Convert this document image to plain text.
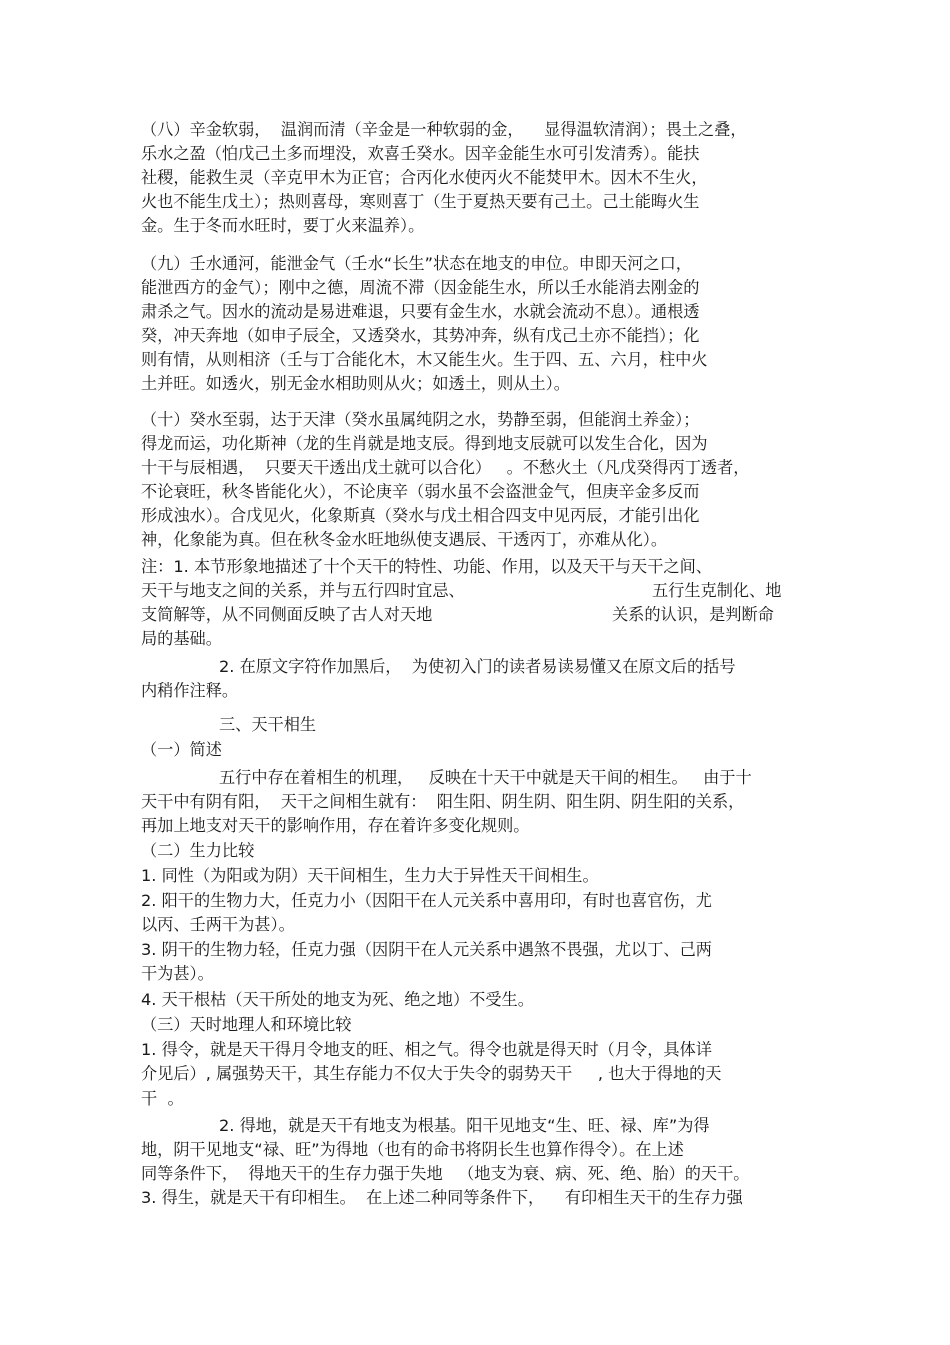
（八）辛金软弱，  温润而清（辛金是一种软弱的金，    显得温软清润）；畏土之叠，
乐水之盈（怕戊己土多而埋没，欢喜壬癸水。因辛金能生水可引发清秀）。能扶
社稷，能救生灵（辛克甲木为正官；合丙化水使丙火不能焚甲木。因木不生火，
火也不能生戊土）；热则喜母，寒则喜丁（生于夏热天要有己土。己土能晦火生
金。生于冬而水旺时，要丁火来温养）。
（九）壬水通河，能泄金气（壬水“长生”状态在地支的申位。申即天河之口，
能泄西方的金气）；刚中之德，周流不滞（因金能生水，所以壬水能消去刚金的
肃杀之气。因水的流动是易进难退，只要有金生水，水就会流动不息）。通根透
癸，冲天奔地（如申子辰全，又透癸水，其势冲奔，纵有戊己土亦不能挡）；化
则有情，从则相济（壬与丁合能化木，木又能生火。生于四、五、六月，柱中火
土并旺。如透火，别无金水相助则从火；如透土，则从土）。
（十）癸水至弱，达于天津（癸水虽属纯阴之水，势静至弱，但能润土养金）；
得龙而运，功化斯神（龙的生肖就是地支辰。得到地支辰就可以发生合化，因为
十干与辰相遇，  只要天干透出戊土就可以合化）   。不愁火土（凡戊癸得丙丁透者，
不论衰旺，秋冬皆能化火），不论庚辛（弱水虽不会盗泄金气，但庚辛金多反而
形成浊水）。合戊见火，化象斯真（癸水与戊土相合四支中见丙辰，才能引出化
神，化象能为真。但在秋冬金水旺地纵使支遇辰、干透丙丁，亦难从化）。
注：1. 本节形象地描述了十个天干的特性、功能、作用，以及天干与天干之间、
天干与地支之间的关系，并与五行四时宜忌、	五行生克制化、地
支简解等，从不同侧面反映了古人对天地	关系的认识，是判断命
局的基础。
2. 在原文字符作加黑后，  为使初入门的读者易读易懂又在原文后的括号
内稍作注释。
三、天干相生
（一）简述
五行中存在着相生的机理，   反映在十天干中就是天干间的相生。   由于十
天干中有阴有阳，  天干之间相生就有：  阳生阳、阴生阴、阳生阴、阴生阳的关系，
再加上地支对天干的影响作用，存在着许多变化规则。
（二）生力比较
1. 同性（为阳或为阴）天干间相生，生力大于异性天干间相生。
2. 阳干的生物力大，任克力小（因阳干在人元关系中喜用印，有时也喜官伤，尤
以丙、壬两干为甚）。
3. 阴干的生物力轻，任克力强（因阴干在人元关系中遇煞不畏强，尤以丁、己两
干为甚）。
4. 天干根枯（天干所处的地支为死、绝之地）不受生。
（三）天时地理人和环境比较
1. 得令，就是天干得月令地支的旺、相之气。得令也就是得天时（月令，具体详
介见后）, 属强势天干，其生存能力不仅大于失令的弱势天干     , 也大于得地的天
干  。
2. 得地，就是天干有地支为根基。阳干见地支“生、旺、禄、库”为得
地，阴干见地支“禄、旺”为得地（也有的命书将阴长生也算作得令）。在上述
同等条件下，  得地天干的生存力强于失地   （地支为衰、病、死、绝、胎）的天干。
3. 得生，就是天干有印相生。  在上述二种同等条件下，    有印相生天干的生存力强
